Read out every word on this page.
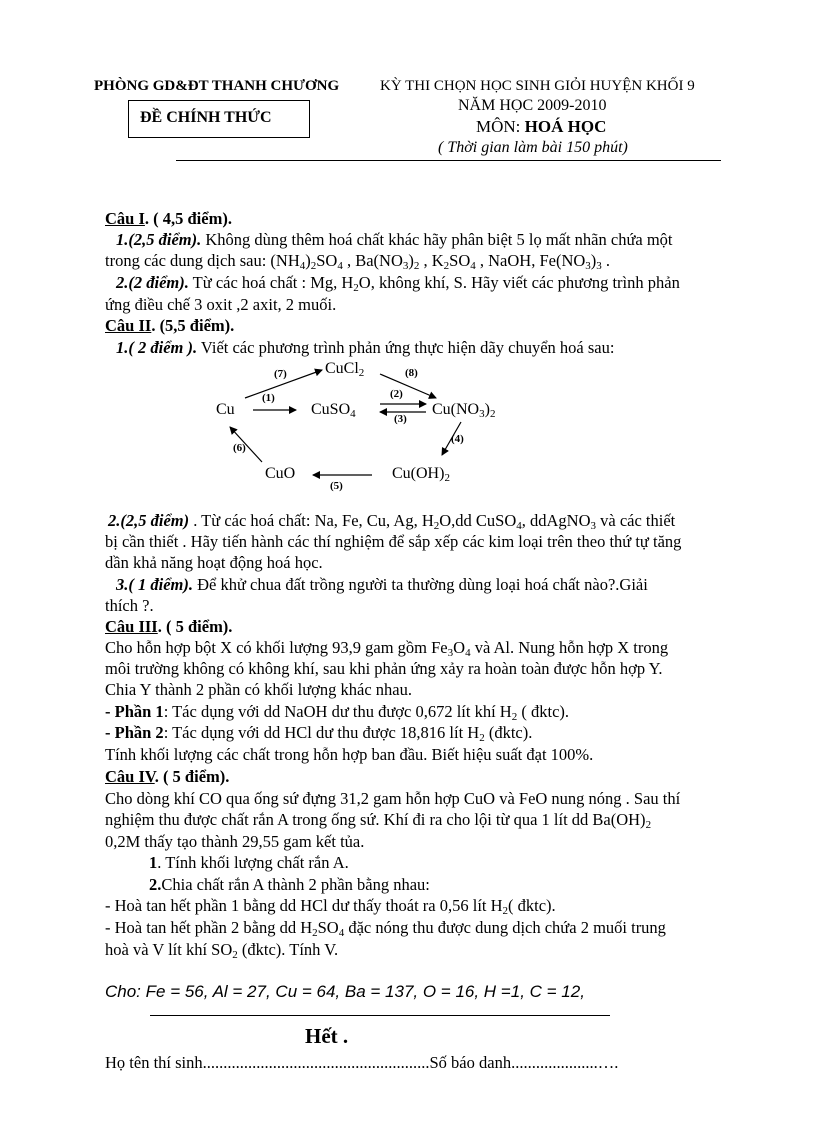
PHÒNG GD&ĐT THANH CHƯƠNG	KỲ THI CHỌN HỌC SINH GIỎI HUYỆN KHỐI 9
ĐỀ CHÍNH THỨC
NĂM HỌC 2009-2010
MÔN: HOÁ HỌC
( Thời gian làm bài 150 phút)
Câu I. ( 4,5 điểm).
1.(2,5 điểm). Không dùng thêm hoá chất khác hãy phân biệt 5 lọ mất nhãn chứa một
trong các dung dịch sau: $(NH_4)_2SO_4$ , $Ba(NO_3)_2$ , $K_2SO_4$ , NaOH, $Fe(NO_3)_3$ .
2.(2 điểm). Từ các hoá chất : Mg, $H_2O$, không khí, S. Hãy viết các phương trình phản
ứng điều chế 3 oxit ,2 axit, 2 muối.
Câu II. (5,5 điểm).
1.( 2 điểm ). Viết các phương trình phản ứng thực hiện dãy chuyển hoá sau:
CuCl$_2$
Cu	CuSO$_4$	$Cu(NO_3)_2$
CuO	$Cu(OH)_2$
(1)	(2)
(3)
(4)
(5)
(6)
(7)	(8)
2.(2,5 điểm) . Từ các hoá chất: Na, Fe, Cu, Ag, $H_2O,dd$ CuSO$_4$, ddAgNO$_3$ và các thiết
bị cần thiết . Hãy tiến hành các thí nghiệm để sắp xếp các kim loại trên theo thứ tự tăng
dần khả năng hoạt động hoá học.
3.( 1 điểm). Để khử chua đất trồng người ta thường dùng loại hoá chất nào?.Giải
thích ?.
Câu III. ( 5 điểm).
Cho hỗn hợp bột X có khối lượng 93,9 gam gồm $Fe_3O_4$ và Al. Nung hỗn hợp X trong
môi trường không có không khí, sau khi phản ứng xảy ra hoàn toàn được hỗn hợp Y.
Chia Y thành 2 phần có khối lượng khác nhau.
- Phần 1: Tác dụng với dd NaOH dư thu được 0,672 lít khí $H_2$ ( đktc).
- Phần 2: Tác dụng với dd HCl dư thu được 18,816 lít $H_2$ (đktc).
Tính khối lượng các chất trong hỗn hợp ban đầu. Biết hiệu suất đạt 100%.
Câu IV. ( 5 điểm).
Cho dòng khí CO qua ống sứ đựng 31,2 gam hỗn hợp CuO và FeO nung nóng . Sau thí
nghiệm thu được chất rắn A trong ống sứ. Khí đi ra cho lội từ qua 1 lít dd $Ba(OH)_2$
0,2M thấy tạo thành 29,55 gam kết tủa.
1. Tính khối lượng chất rắn A.
2.Chia chất rắn A thành 2 phần bằng nhau:
- Hoà tan hết phần 1 bằng dd HCl dư thấy thoát ra 0,56 lít $H_2$( đktc).
- Hoà tan hết phần 2 bằng dd $H_2SO_4$ đặc nóng thu được dung dịch chứa 2 muối trung
hoà và V lít khí $SO_2$ (đktc). Tính V.
Cho: Fe = 56, Al = 27, Cu = 64, Ba = 137, O = 16, H =1, C = 12,
Hết .
Họ tên thí sinh.......................................................Số báo danh.....................….
